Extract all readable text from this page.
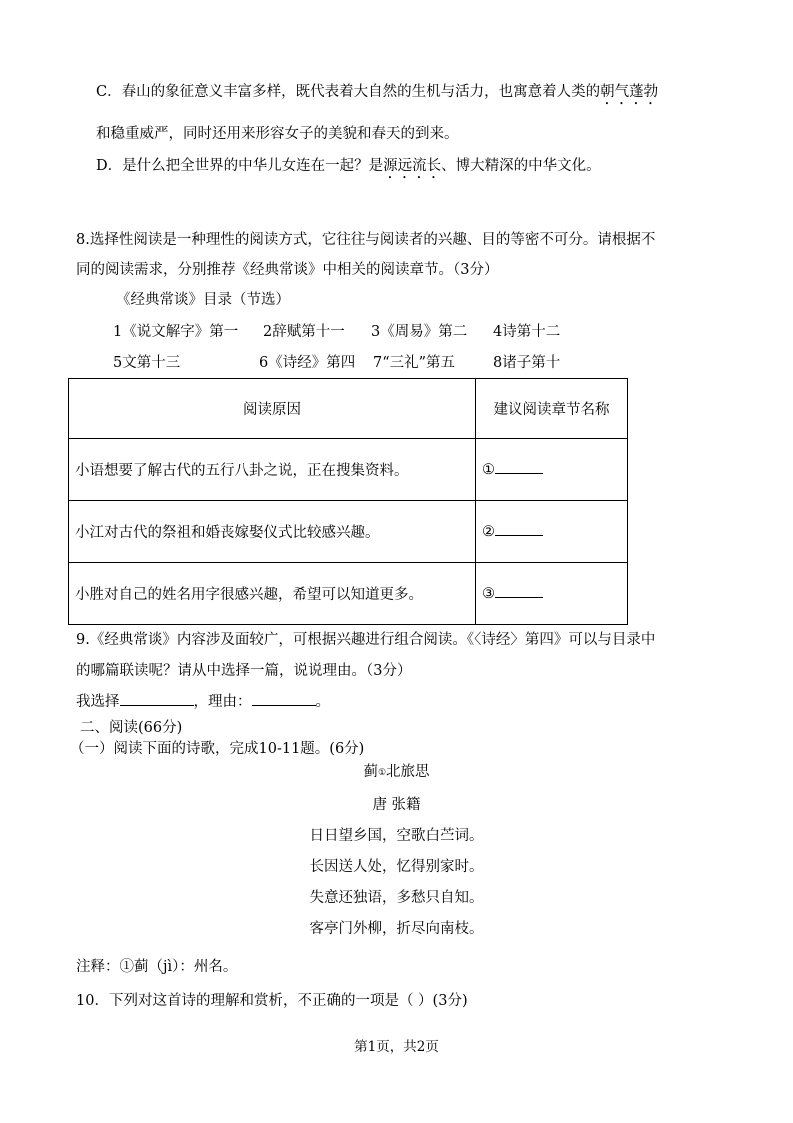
C．春山的象征意义丰富多样，既代表着大自然的生机与活力，也寓意着人类的朝气蓬勃
和稳重威严，同时还用来形容女子的美貌和春天的到来。
D．是什么把全世界的中华儿女连在一起？是源远流长、博大精深的中华文化。
8.选择性阅读是一种理性的阅读方式，它往往与阅读者的兴趣、目的等密不可分。请根据不
同的阅读需求，分别推荐《经典常谈》中相关的阅读章节。（3分）
《经典常谈》目录（节选）
1《说文解字》第一 2辞赋第十一 3《周易》第二 4诗第十二
5文第十三	6《诗经》第四 7“三礼”第五	8诸子第十
阅读原因	建议阅读章节名称
小语想要了解古代的五行八卦之说，正在搜集资料。	①
小江对古代的祭祖和婚丧嫁娶仪式比较感兴趣。	②
小胜对自己的姓名用字很感兴趣，希望可以知道更多。	③
9.《经典常谈》内容涉及面较广，可根据兴趣进行组合阅读。《〈诗经〉第四》可以与目录中
的哪篇联读呢？请从中选择一篇，说说理由。（3分）
我选择	，理由：	。
二、阅读(66分)
（一）阅读下面的诗歌，完成10-11题。(6分)
蓟①北旅思
唐 张籍
日日望乡国，空歌白苎词。
长因送人处，忆得别家时。
失意还独语，多愁只自知。
客亭门外柳，折尽向南枝。
注释：①蓟（jì）：州名。
10．下列对这首诗的理解和赏析，不正确的一项是（ ）(3分)
第1页，共2页
